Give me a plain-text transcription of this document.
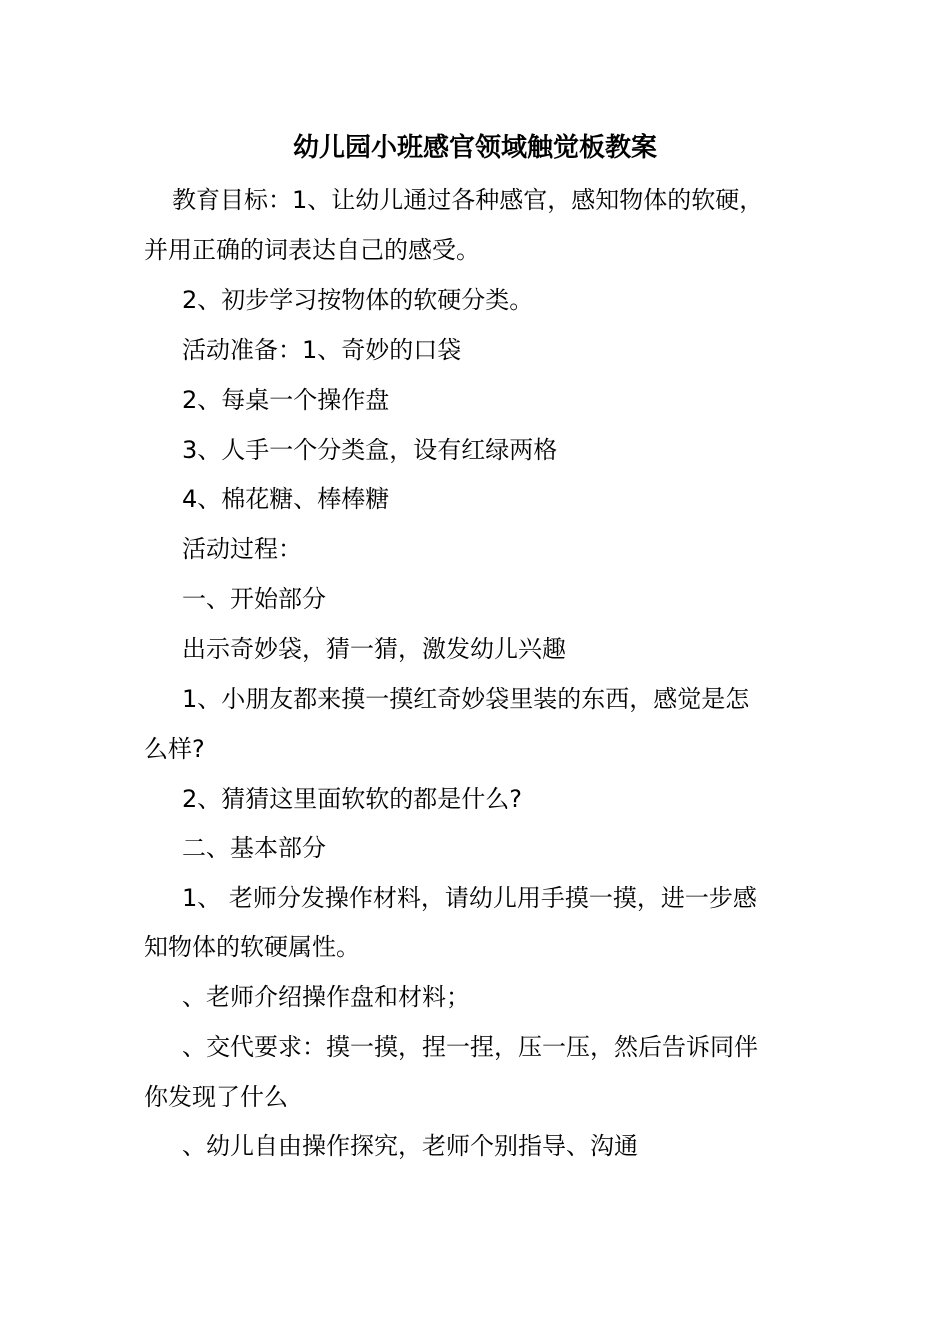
幼儿园小班感官领域触觉板教案
教育目标：1、让幼儿通过各种感官，感知物体的软硬，
并用正确的词表达自己的感受。
2、初步学习按物体的软硬分类。
活动准备：1、奇妙的口袋
2、每桌一个操作盘
3、人手一个分类盒，设有红绿两格
4、棉花糖、棒棒糖
活动过程：
一、开始部分
出示奇妙袋，猜一猜，激发幼儿兴趣
1、小朋友都来摸一摸红奇妙袋里装的东西，感觉是怎
么样?
2、猜猜这里面软软的都是什么?
二、基本部分
1、 老师分发操作材料，请幼儿用手摸一摸，进一步感
知物体的软硬属性。
、老师介绍操作盘和材料；
、交代要求：摸一摸，捏一捏，压一压，然后告诉同伴
你发现了什么
、幼儿自由操作探究，老师个别指导、沟通
